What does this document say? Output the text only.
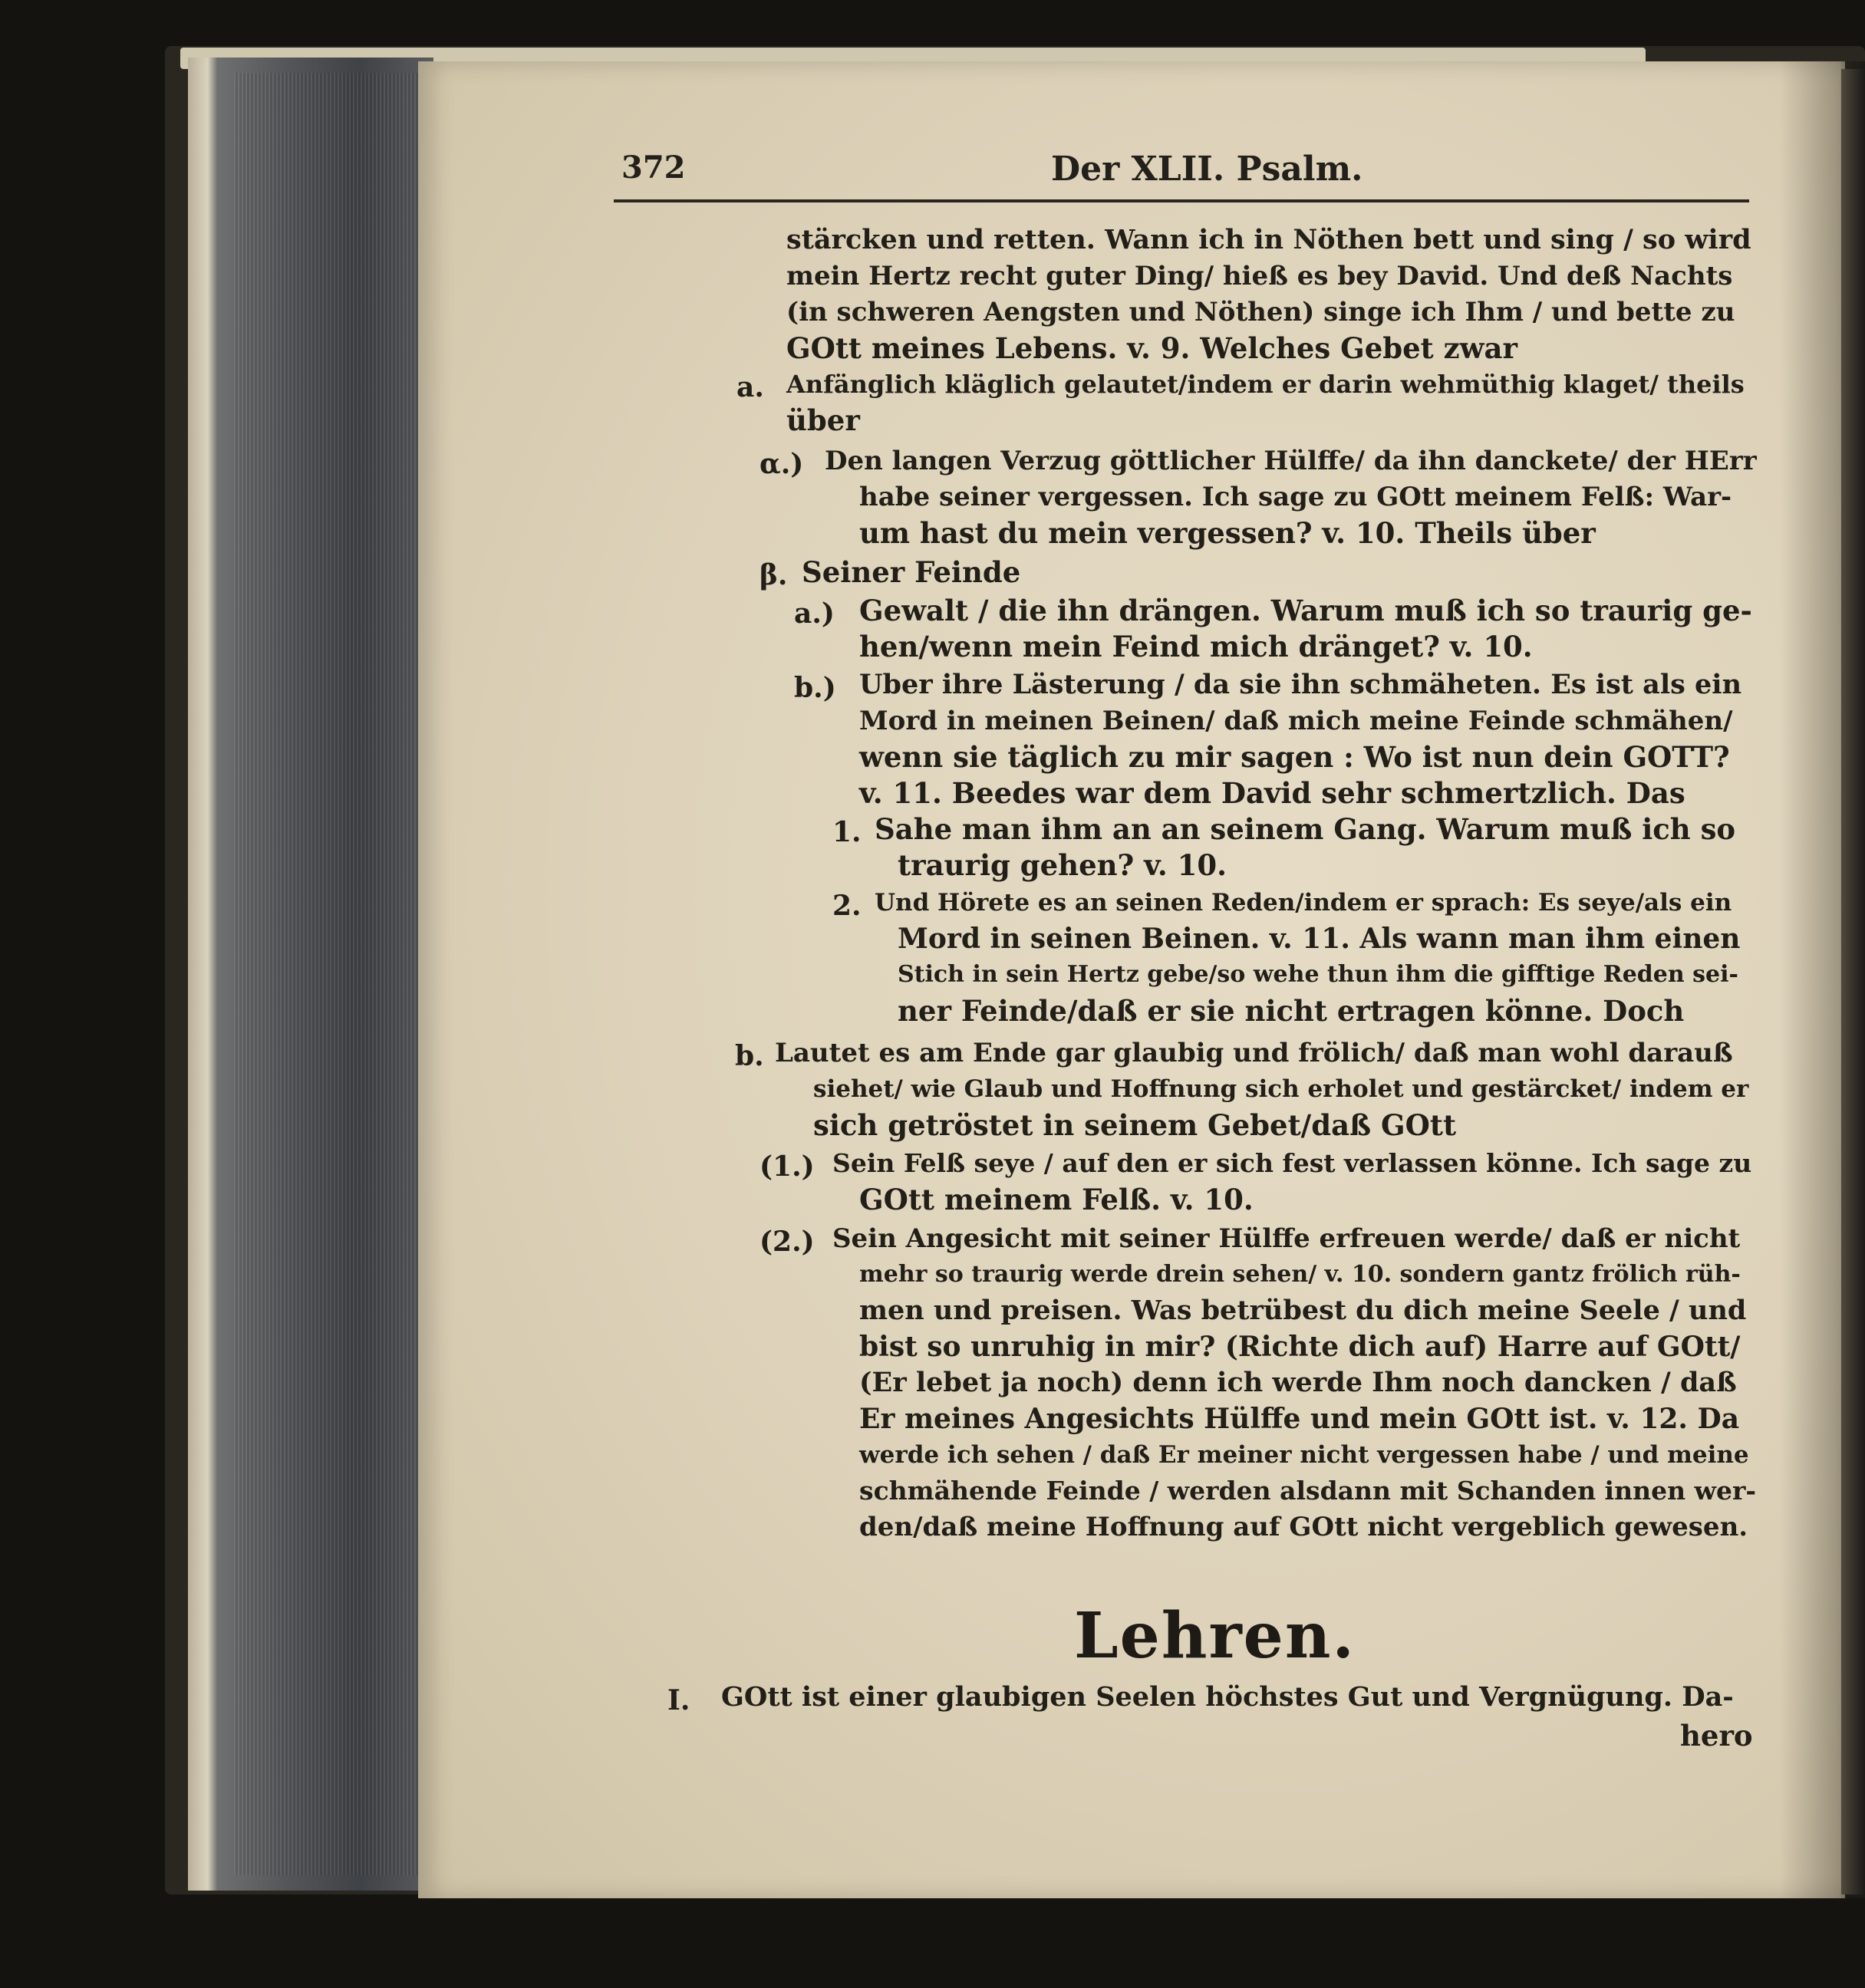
372	Der XLII. Psalm.
stärcken und retten. Wann ich in Nöthen bett und sing / so wird
mein Hertz recht guter Ding/ hieß es bey David. Und deß Nachts
(in schweren Aengsten und Nöthen) singe ich Ihm / und bette zu
GOtt meines Lebens. v. 9. Welches Gebet zwar
a. Anfänglich kläglich gelautet/indem er darin wehmüthig klaget/ theils
über
α.) Den langen Verzug göttlicher Hülffe/ da ihn danckete/ der HErr
habe seiner vergessen. Ich sage zu GOtt meinem Felß: War-
um hast du mein vergessen? v. 10. Theils über
β. Seiner Feinde
a.) Gewalt / die ihn drängen. Warum muß ich so traurig ge-
hen/wenn mein Feind mich dränget? v. 10.
b.) Uber ihre Lästerung / da sie ihn schmäheten. Es ist als ein
Mord in meinen Beinen/ daß mich meine Feinde schmähen/
wenn sie täglich zu mir sagen : Wo ist nun dein GOTT?
v. 11. Beedes war dem David sehr schmertzlich. Das
1. Sahe man ihm an an seinem Gang. Warum muß ich so
traurig gehen? v. 10.
2. Und Hörete es an seinen Reden/indem er sprach: Es seye/als ein
Mord in seinen Beinen. v. 11. Als wann man ihm einen
Stich in sein Hertz gebe/so wehe thun ihm die gifftige Reden sei-
ner Feinde/daß er sie nicht ertragen könne. Doch
b. Lautet es am Ende gar glaubig und frölich/ daß man wohl darauß
siehet/ wie Glaub und Hoffnung sich erholet und gestärcket/ indem er
sich getröstet in seinem Gebet/daß GOtt
(1.) Sein Felß seye / auf den er sich fest verlassen könne. Ich sage zu
GOtt meinem Felß. v. 10.
(2.) Sein Angesicht mit seiner Hülffe erfreuen werde/ daß er nicht
mehr so traurig werde drein sehen/ v. 10. sondern gantz frölich rüh-
men und preisen. Was betrübest du dich meine Seele / und
bist so unruhig in mir? (Richte dich auf) Harre auf GOtt/
(Er lebet ja noch) denn ich werde Ihm noch dancken / daß
Er meines Angesichts Hülffe und mein GOtt ist. v. 12. Da
werde ich sehen / daß Er meiner nicht vergessen habe / und meine
schmähende Feinde / werden alsdann mit Schanden innen wer-
den/daß meine Hoffnung auf GOtt nicht vergeblich gewesen.
Lehren.
I. GOtt ist einer glaubigen Seelen höchstes Gut und Vergnügung. Da-
hero
